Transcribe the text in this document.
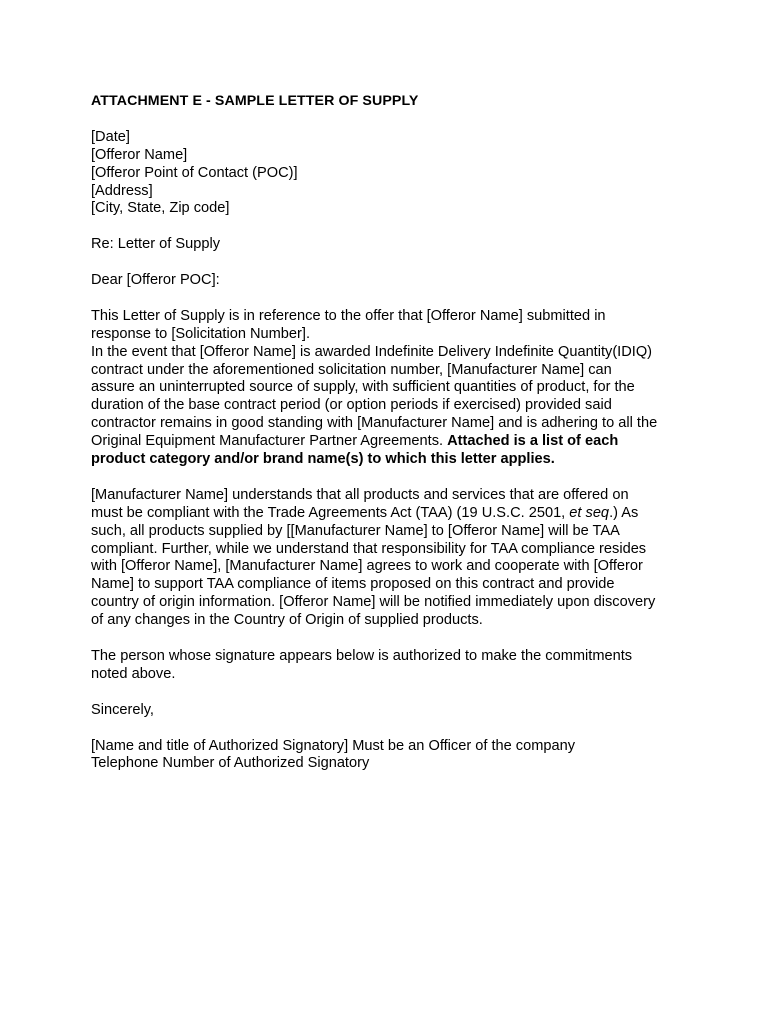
ATTACHMENT E - SAMPLE LETTER OF SUPPLY
[Date]
[Offeror Name]
[Offeror Point of Contact (POC)]
[Address]
[City, State, Zip code]
Re: Letter of Supply
Dear [Offeror POC]:
This Letter of Supply is in reference to the offer that [Offeror Name] submitted in
response to [Solicitation Number].
In the event that [Offeror Name] is awarded Indefinite Delivery Indefinite Quantity(IDIQ)
contract under the aforementioned solicitation number, [Manufacturer Name] can
assure an uninterrupted source of supply, with sufficient quantities of product, for the
duration of the base contract period (or option periods if exercised) provided said
contractor remains in good standing with [Manufacturer Name] and is adhering to all the
Original Equipment Manufacturer Partner Agreements. Attached is a list of each
product category and/or brand name(s) to which this letter applies.
[Manufacturer Name] understands that all products and services that are offered on
must be compliant with the Trade Agreements Act (TAA) (19 U.S.C. 2501, et seq.) As
such, all products supplied by [[Manufacturer Name] to [Offeror Name] will be TAA
compliant. Further, while we understand that responsibility for TAA compliance resides
with [Offeror Name], [Manufacturer Name] agrees to work and cooperate with [Offeror
Name] to support TAA compliance of items proposed on this contract and provide
country of origin information. [Offeror Name] will be notified immediately upon discovery
of any changes in the Country of Origin of supplied products.
The person whose signature appears below is authorized to make the commitments
noted above.
Sincerely,
[Name and title of Authorized Signatory] Must be an Officer of the company
Telephone Number of Authorized Signatory
